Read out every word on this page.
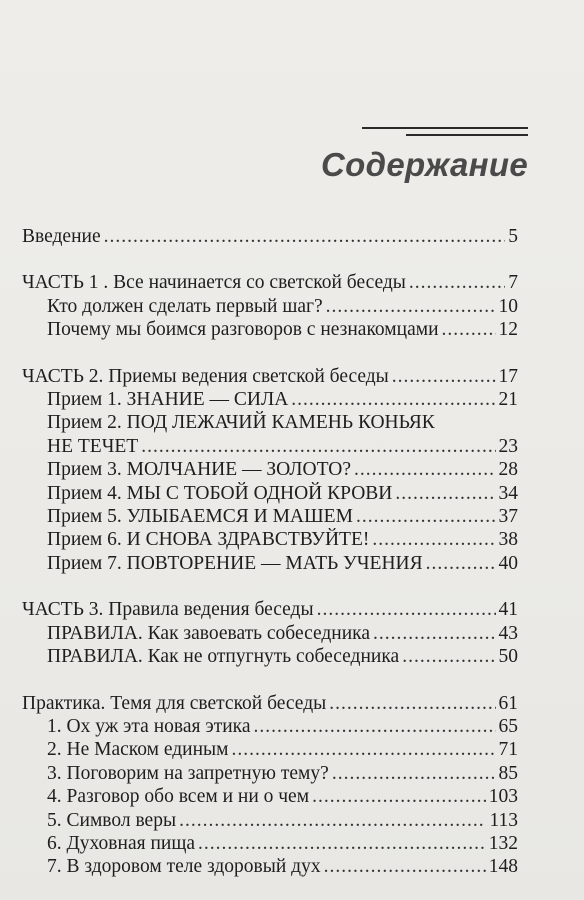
Содержание
Введение .....	5
ЧАСТЬ 1 . Все начинается со светской беседы .....	7
Кто должен сделать первый шаг? .....	10
Почему мы боимся разговоров с незнакомцами .....	12
ЧАСТЬ 2. Приемы ведения светской беседы .....	17
Прием 1. ЗНАНИЕ — СИЛА .....	21
Прием 2. ПОД ЛЕЖАЧИЙ КАМЕНЬ КОНЬЯК
НЕ ТЕЧЕТ .....	23
Прием 3. МОЛЧАНИЕ — ЗОЛОТО? .....	28
Прием 4. МЫ С ТОБОЙ ОДНОЙ КРОВИ .....	34
Прием 5. УЛЫБАЕМСЯ И МАШЕМ .....	37
Прием 6. И СНОВА ЗДРАВСТВУЙТЕ! .....	38
Прием 7. ПОВТОРЕНИЕ — МАТЬ УЧЕНИЯ .....	40
ЧАСТЬ 3. Правила ведения беседы .....	41
ПРАВИЛА. Как завоевать собеседника .....	43
ПРАВИЛА. Как не отпугнуть собеседника .....	50
Практика. Темя для светской беседы .....	61
1. Ох уж эта новая этика .....	65
2. Не Маском единым .....	71
3. Поговорим на запретную тему? .....	85
4. Разговор обо всем и ни о чем .....	103
5. Символ веры .....	113
6. Духовная пища .....	132
7. В здоровом теле здоровый дух .....	148
